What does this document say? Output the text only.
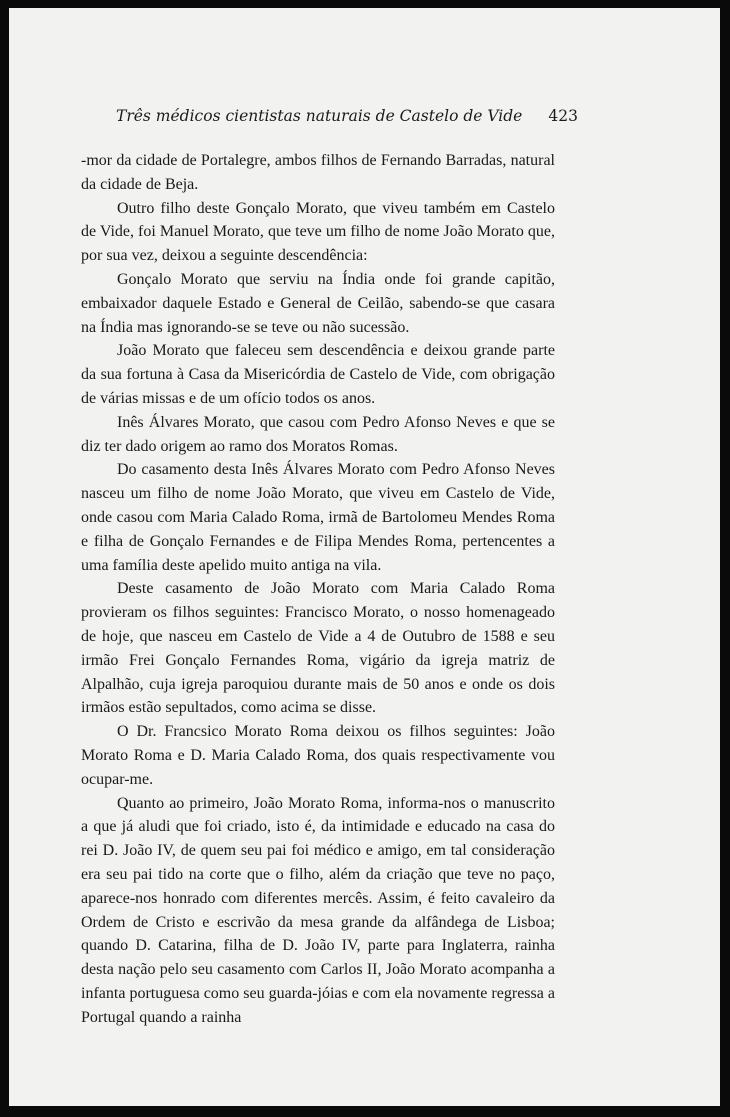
Três médicos cientistas naturais de Castelo de Vide 423

-mor da cidade de Portalegre, ambos filhos de Fernando Barradas, natural da cidade de Beja.

Outro filho deste Gonçalo Morato, que viveu também em Castelo de Vide, foi Manuel Morato, que teve um filho de nome João Morato que, por sua vez, deixou a seguinte descendência:

Gonçalo Morato que serviu na Índia onde foi grande capitão, embaixador daquele Estado e General de Ceilão, sabendo-se que casara na Índia mas ignorando-se se teve ou não sucessão.

João Morato que faleceu sem descendência e deixou grande parte da sua fortuna à Casa da Misericórdia de Castelo de Vide, com obrigação de várias missas e de um ofício todos os anos.

Inês Álvares Morato, que casou com Pedro Afonso Neves e que se diz ter dado origem ao ramo dos Moratos Romas.

Do casamento desta Inês Álvares Morato com Pedro Afonso Neves nasceu um filho de nome João Morato, que viveu em Castelo de Vide, onde casou com Maria Calado Roma, irmã de Bartolomeu Mendes Roma e filha de Gonçalo Fernandes e de Filipa Mendes Roma, pertencentes a uma família deste apelido muito antiga na vila.

Deste casamento de João Morato com Maria Calado Roma provieram os filhos seguintes: Francisco Morato, o nosso homenageado de hoje, que nasceu em Castelo de Vide a 4 de Outubro de 1588 e seu irmão Frei Gonçalo Fernandes Roma, vigário da igreja matriz de Alpalhão, cuja igreja paroquiou durante mais de 50 anos e onde os dois irmãos estão sepultados, como acima se disse.

O Dr. Francsico Morato Roma deixou os filhos seguintes: João Morato Roma e D. Maria Calado Roma, dos quais respectivamente vou ocupar-me.

Quanto ao primeiro, João Morato Roma, informa-nos o manuscrito a que já aludi que foi criado, isto é, da intimidade e educado na casa do rei D. João IV, de quem seu pai foi médico e amigo, em tal consideração era seu pai tido na corte que o filho, além da criação que teve no paço, aparece-nos honrado com diferentes mercês. Assim, é feito cavaleiro da Ordem de Cristo e escrivão da mesa grande da alfândega de Lisboa; quando D. Catarina, filha de D. João IV, parte para Inglaterra, rainha desta nação pelo seu casamento com Carlos II, João Morato acompanha a infanta portuguesa como seu guarda-jóias e com ela novamente regressa a Portugal quando a rainha
